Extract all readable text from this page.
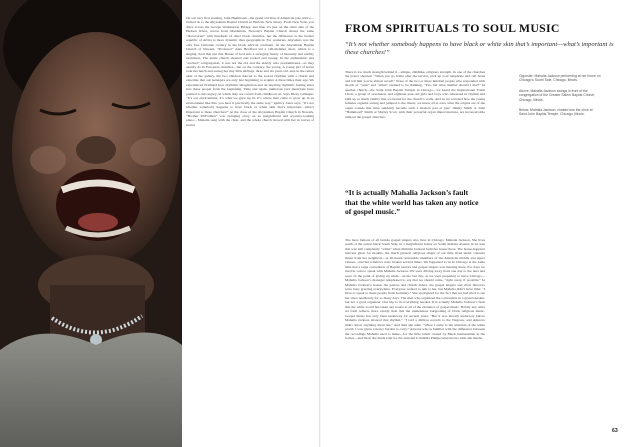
On our very first evening, John Hammond—the grand old man of American jazz critics—invited us to the Abyssinian Baptist Church in Harlem, New Jersey. From New York, you drive across the George Washington Bridge, and then it’s just on the other side of the Hudson River, across from Manhattan. Newark’s Baptist Church shares the same “discoveries” with hundreds of other black churches, but the difference is the former republic of Africa is more dynamic than geographical. For centuries, Abyssinia was the only free Christian country in the black African continent. At the Abyssinian Baptist Church of Newark, “Professor” Alex Bradford led a 120-member choir, which is a singing choir that put that House of God into a swinging frenzy of heavenly and earthly exaltation. The entire church shouted and rocked and swung. In the enthusiastic and “excited” congregation, it was not the old and the elderly who predominated—as they usually do in European churches—but on the contrary, the young. A young girl of seven took her lunch and swung her tiny little siblings, three and six years old, and on the center aisle of the gallery, the two children danced to the sacred rhythms with a charm and expertise that our teenagers are only just beginning to acquire at three times their age. We experienced firsthand how rhythmic imagination and an unerring rhythmic feeling enter into these people from the beginning. Time and again, numerous jazz musicians have pointed to this legacy, in which they are rooted from childhood on. Says Dizzy Gillespie: “It’s our environment, it’s what we grew up in. It’s where men came to grow up in an environment like this, you hear it practically the same way.” Quincy Jones says, “It’s not whether somebody happens to have black or white skin that’s important—what’s important is these churches!” At the close of the Abyssinian Baptist Church in Newark, “Brother McFadden” was swinging away on an insignificant and scrawny-looking piano... Mahalia sang with the choir, and the whole church moved with her in waves of sound.

FROM SPIRITUALS TO SOUL MUSIC
“It’s not whether somebody happens to have black or white skin that’s important—what’s important is these churches!”

There is too much strength behind it—simple, childlike, religious strength. In one of the churches the pastor shouted: “When you go home after the service, pick up your telephone and call Jesus and tell him you’re almost saved!” None of the two or three hundred people who responded with shouts of “yeah” and “amen” seemed to be thinking, “Yes, but what number should I dial?” In another church—the Saint John Baptist Temple in Chicago—we heard the Inspirational Youth Choir, a group of seventeen- and eighteen-year-old girls and boys who rehearsed in rhythm and built up so much vitality that we feared for the church’s walls. And as we watched how the young females organist swung and jumped to the music, we knew all at once what the origins are of the organ sounds that have suddenly become such a modern part of jazz: Jimmy Smith or John “Hammond” Smith or Shirley Scott, with their powerful organ improvisations, are inconceivable without the gospel churches.

“It is actually Mahalia Jackson’s fault that the white world has taken any notice of gospel music.”

The most famous of all female gospel singers also lives in Chicago: Mahalia Jackson. She lives south of the actual black South Side, in a magnificent house on South Indiana Avenue in an area that was still completely “white” when Mahalia Jackson built her house there. The house-happiest suitcase guest for months, the much greatest religious singer of our time lived under constant threat from her neighbors—at all-hours reasonable members of the American middle and upper classes—and her windows were broken several times. We happened to be in Chicago at the same time that a large convention of Baptist pastors and gospel singers was meeting there. For days we tried in vain to speak with Mahalia Jackson. We were driving away from one day to the next and were on the point of giving up when—on the last day, as we were preparing to leave Chicago—Mahalia Jackson’s manager telephoned to say that we should come, “right away, if possible.” In Mahalia Jackson’s house, the pastors and church elders, the gospel singers and choir directors were busy greeting everywhere. Everyone wanted to talk to her, but Mahalia didn’t have time: “I have to speak to these people from Germany.” She apologized for the fact that we had tried to see her since needlessly for so many days. The men who organized the convention in a grand speaker, but not a good organizer. Our trip to its everything needed. It is actually Mahalia Jackson’s fault that the white world has taken any notice at all of the existence of gospel music. Hardly any other art form reflects more clearly than this the tremendous burgeoning of black religious music. Gospel music has only been underway for several years. “But it was already underway before Mahalia Jackson showed that rhythm,” “I told a million records to the Negroes, and America didn’t know anything about me.” And then she adds, “When I came to the attention of the white world, I was given a heavy burden to carry.” Anyone who is familiar with the difference between the recordings Mahalia used to make—for the little labels owned by Black businessmen in the forties—and those she made later for the national Columbia Philips label knows what she means.

Opposite: Mahalia Jackson performing at her home on Chicago’s South Side, Chicago, Illinois.

Above: Mahalia Jackson swings in front of the congregation of the Greater Salem Baptist Church, Chicago, Illinois.

Below: Mahalia Jackson, chatted into the choir at Saint John Baptist Temple, Chicago, Illinois.

63
